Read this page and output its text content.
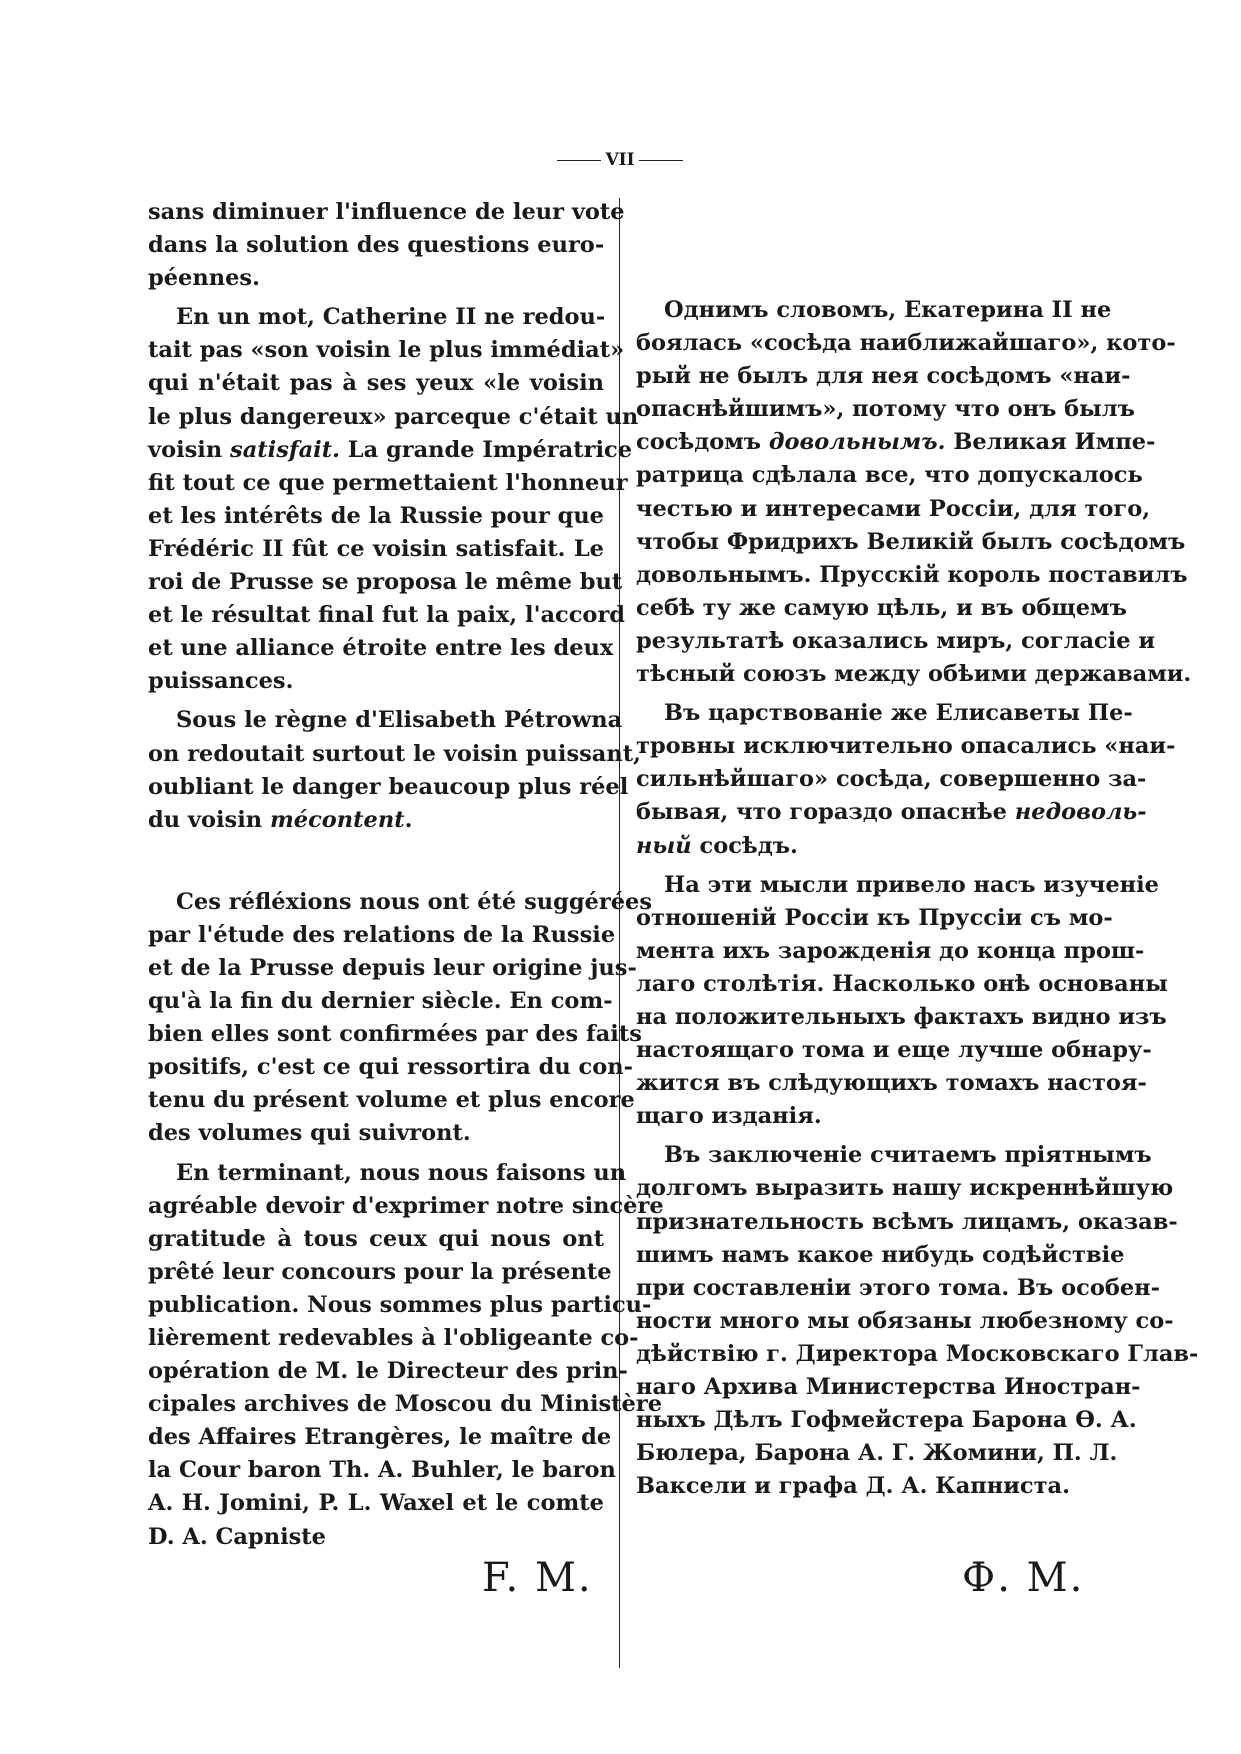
VII
sans diminuer l'influence de leur vote
dans la solution des questions euro-
péennes.
En un mot, Catherine II ne redou-
tait pas «son voisin le plus immédiat»
qui n'était pas à ses yeux «le voisin
le plus dangereux» parceque c'était un
voisin satisfait. La grande Impératrice
fit tout ce que permettaient l'honneur
et les intérêts de la Russie pour que
Frédéric II fût ce voisin satisfait. Le
roi de Prusse se proposa le même but
et le résultat final fut la paix, l'accord
et une alliance étroite entre les deux
puissances.
Sous le règne d'Elisabeth Pétrowna
on redoutait surtout le voisin puissant,
oubliant le danger beaucoup plus réel
du voisin mécontent.
Ces réfléxions nous ont été suggérées
par l'étude des relations de la Russie
et de la Prusse depuis leur origine jus-
qu'à la fin du dernier siècle. En com-
bien elles sont confirmées par des faits
positifs, c'est ce qui ressortira du con-
tenu du présent volume et plus encore
des volumes qui suivront.
En terminant, nous nous faisons un
agréable devoir d'exprimer notre sincère
gratitude à tous ceux qui nous ont
prêté leur concours pour la présente
publication. Nous sommes plus particu-
lièrement redevables à l'obligeante co-
opération de M. le Directeur des prin-
cipales archives de Moscou du Ministère
des Affaires Etrangères, le maître de
la Cour baron Th. A. Buhler, le baron
A. H. Jomini, P. L. Waxel et le comte
D. A. Capniste
Однимъ словомъ, Екатерина II не
боялась «сосѣда наиближайшаго», кото-
рый не былъ для нея сосѣдомъ «наи-
опаснѣйшимъ», потому что онъ былъ
сосѣдомъ довольнымъ. Великая Импе-
ратрица сдѣлала все, что допускалось
честью и интересами Россіи, для того,
чтобы Фридрихъ Великій былъ сосѣдомъ
довольнымъ. Прусскій король поставилъ
себѣ ту же самую цѣль, и въ общемъ
результатѣ оказались миръ, согласіе и
тѣсный союзъ между обѣими державами.
Въ царствованіе же Елисаветы Пе-
тровны исключительно опасались «наи-
сильнѣйшаго» сосѣда, совершенно за-
бывая, что гораздо опаснѣе недоволь-
ный сосѣдъ.
На эти мысли привело насъ изученіе
отношеній Россіи къ Пруссіи съ мо-
мента ихъ зарожденія до конца прош-
лаго столѣтія. Насколько онѣ основаны
на положительныхъ фактахъ видно изъ
настоящаго тома и еще лучше обнару-
жится въ слѣдующихъ томахъ настоя-
щаго изданія.
Въ заключеніе считаемъ пріятнымъ
долгомъ выразить нашу искреннѣйшую
признательность всѣмъ лицамъ, оказав-
шимъ намъ какое нибудь содѣйствіе
при составленіи этого тома. Въ особен-
ности много мы обязаны любезному со-
дѣйствію г. Директора Московскаго Глав-
наго Архива Министерства Иностран-
ныхъ Дѣлъ Гофмейстера Барона Ѳ. А.
Бюлера, Барона А. Г. Жомини, П. Л.
Ваксели и графа Д. А. Капниста.
F. M.	Ф. М.
